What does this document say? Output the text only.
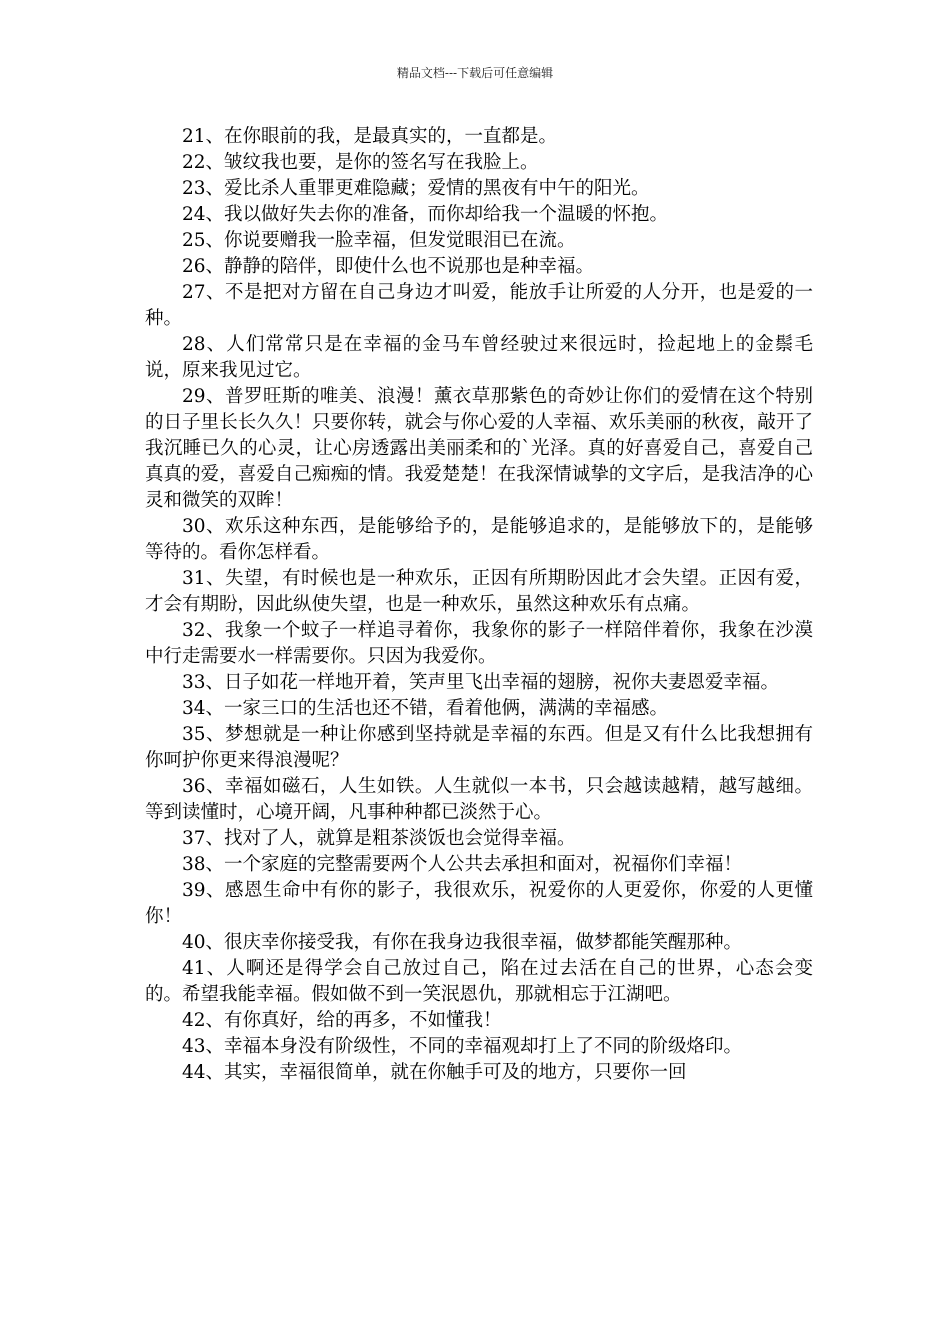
精品文档---下载后可任意编辑

21、在你眼前的我，是最真实的，一直都是。

22、皱纹我也要，是你的签名写在我脸上。

23、爱比杀人重罪更难隐藏；爱情的黑夜有中午的阳光。

24、我以做好失去你的准备，而你却给我一个温暖的怀抱。

25、你说要赠我一脸幸福，但发觉眼泪已在流。

26、静静的陪伴，即使什么也不说那也是种幸福。

27、不是把对方留在自己身边才叫爱，能放手让所爱的人分开，也是爱的一种。

28、人们常常只是在幸福的金马车曾经驶过来很远时，捡起地上的金鬃毛说，原来我见过它。

29、普罗旺斯的唯美、浪漫！薰衣草那紫色的奇妙让你们的爱情在这个特别的日子里长长久久！只要你转，就会与你心爱的人幸福、欢乐美丽的秋夜，敲开了我沉睡已久的心灵，让心房透露出美丽柔和的`光泽。真的好喜爱自己，喜爱自己真真的爱，喜爱自己痴痴的情。我爱楚楚！在我深情诚挚的文字后，是我洁净的心灵和微笑的双眸！

30、欢乐这种东西，是能够给予的，是能够追求的，是能够放下的，是能够等待的。看你怎样看。

31、失望，有时候也是一种欢乐，正因有所期盼因此才会失望。正因有爱，才会有期盼，因此纵使失望，也是一种欢乐，虽然这种欢乐有点痛。

32、我象一个蚊子一样追寻着你，我象你的影子一样陪伴着你，我象在沙漠中行走需要水一样需要你。只因为我爱你。

33、日子如花一样地开着，笑声里飞出幸福的翅膀，祝你夫妻恩爱幸福。

34、一家三口的生活也还不错，看着他俩，满满的幸福感。

35、梦想就是一种让你感到坚持就是幸福的东西。但是又有什么比我想拥有你呵护你更来得浪漫呢？

36、幸福如磁石，人生如铁。人生就似一本书，只会越读越精，越写越细。等到读懂时，心境开阔，凡事种种都已淡然于心。

37、找对了人，就算是粗茶淡饭也会觉得幸福。

38、一个家庭的完整需要两个人公共去承担和面对，祝福你们幸福！

39、感恩生命中有你的影子，我很欢乐，祝爱你的人更爱你，你爱的人更懂你！

40、很庆幸你接受我，有你在我身边我很幸福，做梦都能笑醒那种。

41、人啊还是得学会自己放过自己，陷在过去活在自己的世界，心态会变的。希望我能幸福。假如做不到一笑泯恩仇，那就相忘于江湖吧。

42、有你真好，给的再多，不如懂我！

43、幸福本身没有阶级性，不同的幸福观却打上了不同的阶级烙印。

44、其实，幸福很简单，就在你触手可及的地方，只要你一回
